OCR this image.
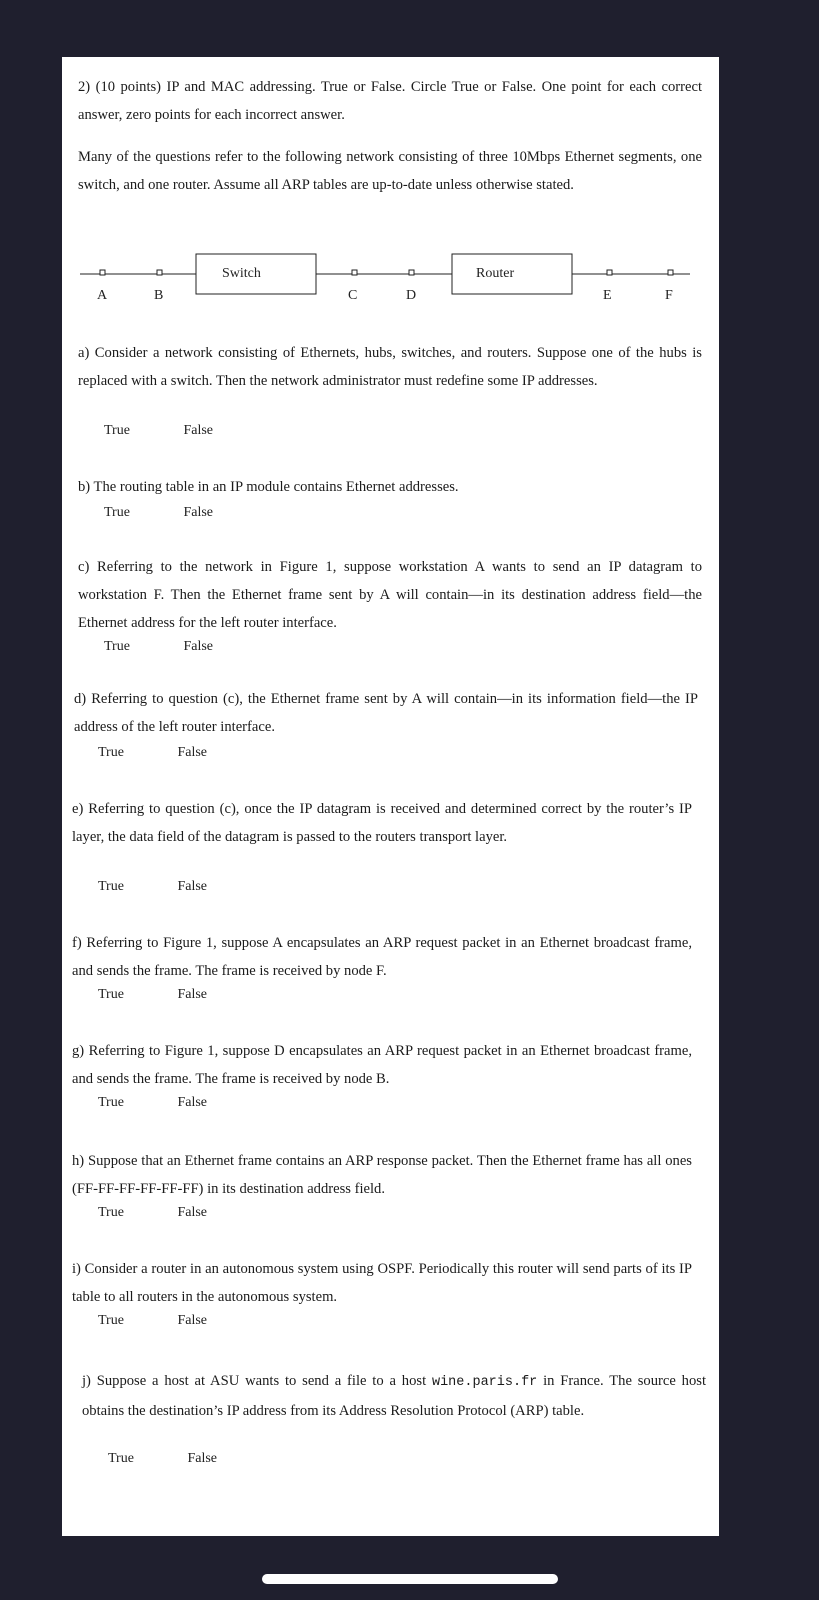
2) (10 points) IP and MAC addressing. True or False. Circle True or False. One point for each correct answer, zero points for each incorrect answer.

Many of the questions refer to the following network consisting of three 10Mbps Ethernet segments, one switch, and one router. Assume all ARP tables are up-to-date unless otherwise stated.

Switch	Router
A	B	C	D	E	F

a) Consider a network consisting of Ethernets, hubs, switches, and routers. Suppose one of the hubs is replaced with a switch. Then the network administrator must redefine some IP addresses.

True	False

b) The routing table in an IP module contains Ethernet addresses.

True	False

c) Referring to the network in Figure 1, suppose workstation A wants to send an IP datagram to workstation F. Then the Ethernet frame sent by A will contain—in its destination address field—the Ethernet address for the left router interface.

True	False

d) Referring to question (c), the Ethernet frame sent by A will contain—in its information field—the IP address of the left router interface.

True	False

e) Referring to question (c), once the IP datagram is received and determined correct by the router’s IP layer, the data field of the datagram is passed to the routers transport layer.

True	False

f) Referring to Figure 1, suppose A encapsulates an ARP request packet in an Ethernet broadcast frame, and sends the frame. The frame is received by node F.

True	False

g) Referring to Figure 1, suppose D encapsulates an ARP request packet in an Ethernet broadcast frame, and sends the frame. The frame is received by node B.

True	False

h) Suppose that an Ethernet frame contains an ARP response packet. Then the Ethernet frame has all ones (FF-FF-FF-FF-FF-FF) in its destination address field.

True	False

i) Consider a router in an autonomous system using OSPF. Periodically this router will send parts of its IP table to all routers in the autonomous system.

True	False

j) Suppose a host at ASU wants to send a file to a host wine.paris.fr in France. The source host obtains the destination’s IP address from its Address Resolution Protocol (ARP) table.

True	False
